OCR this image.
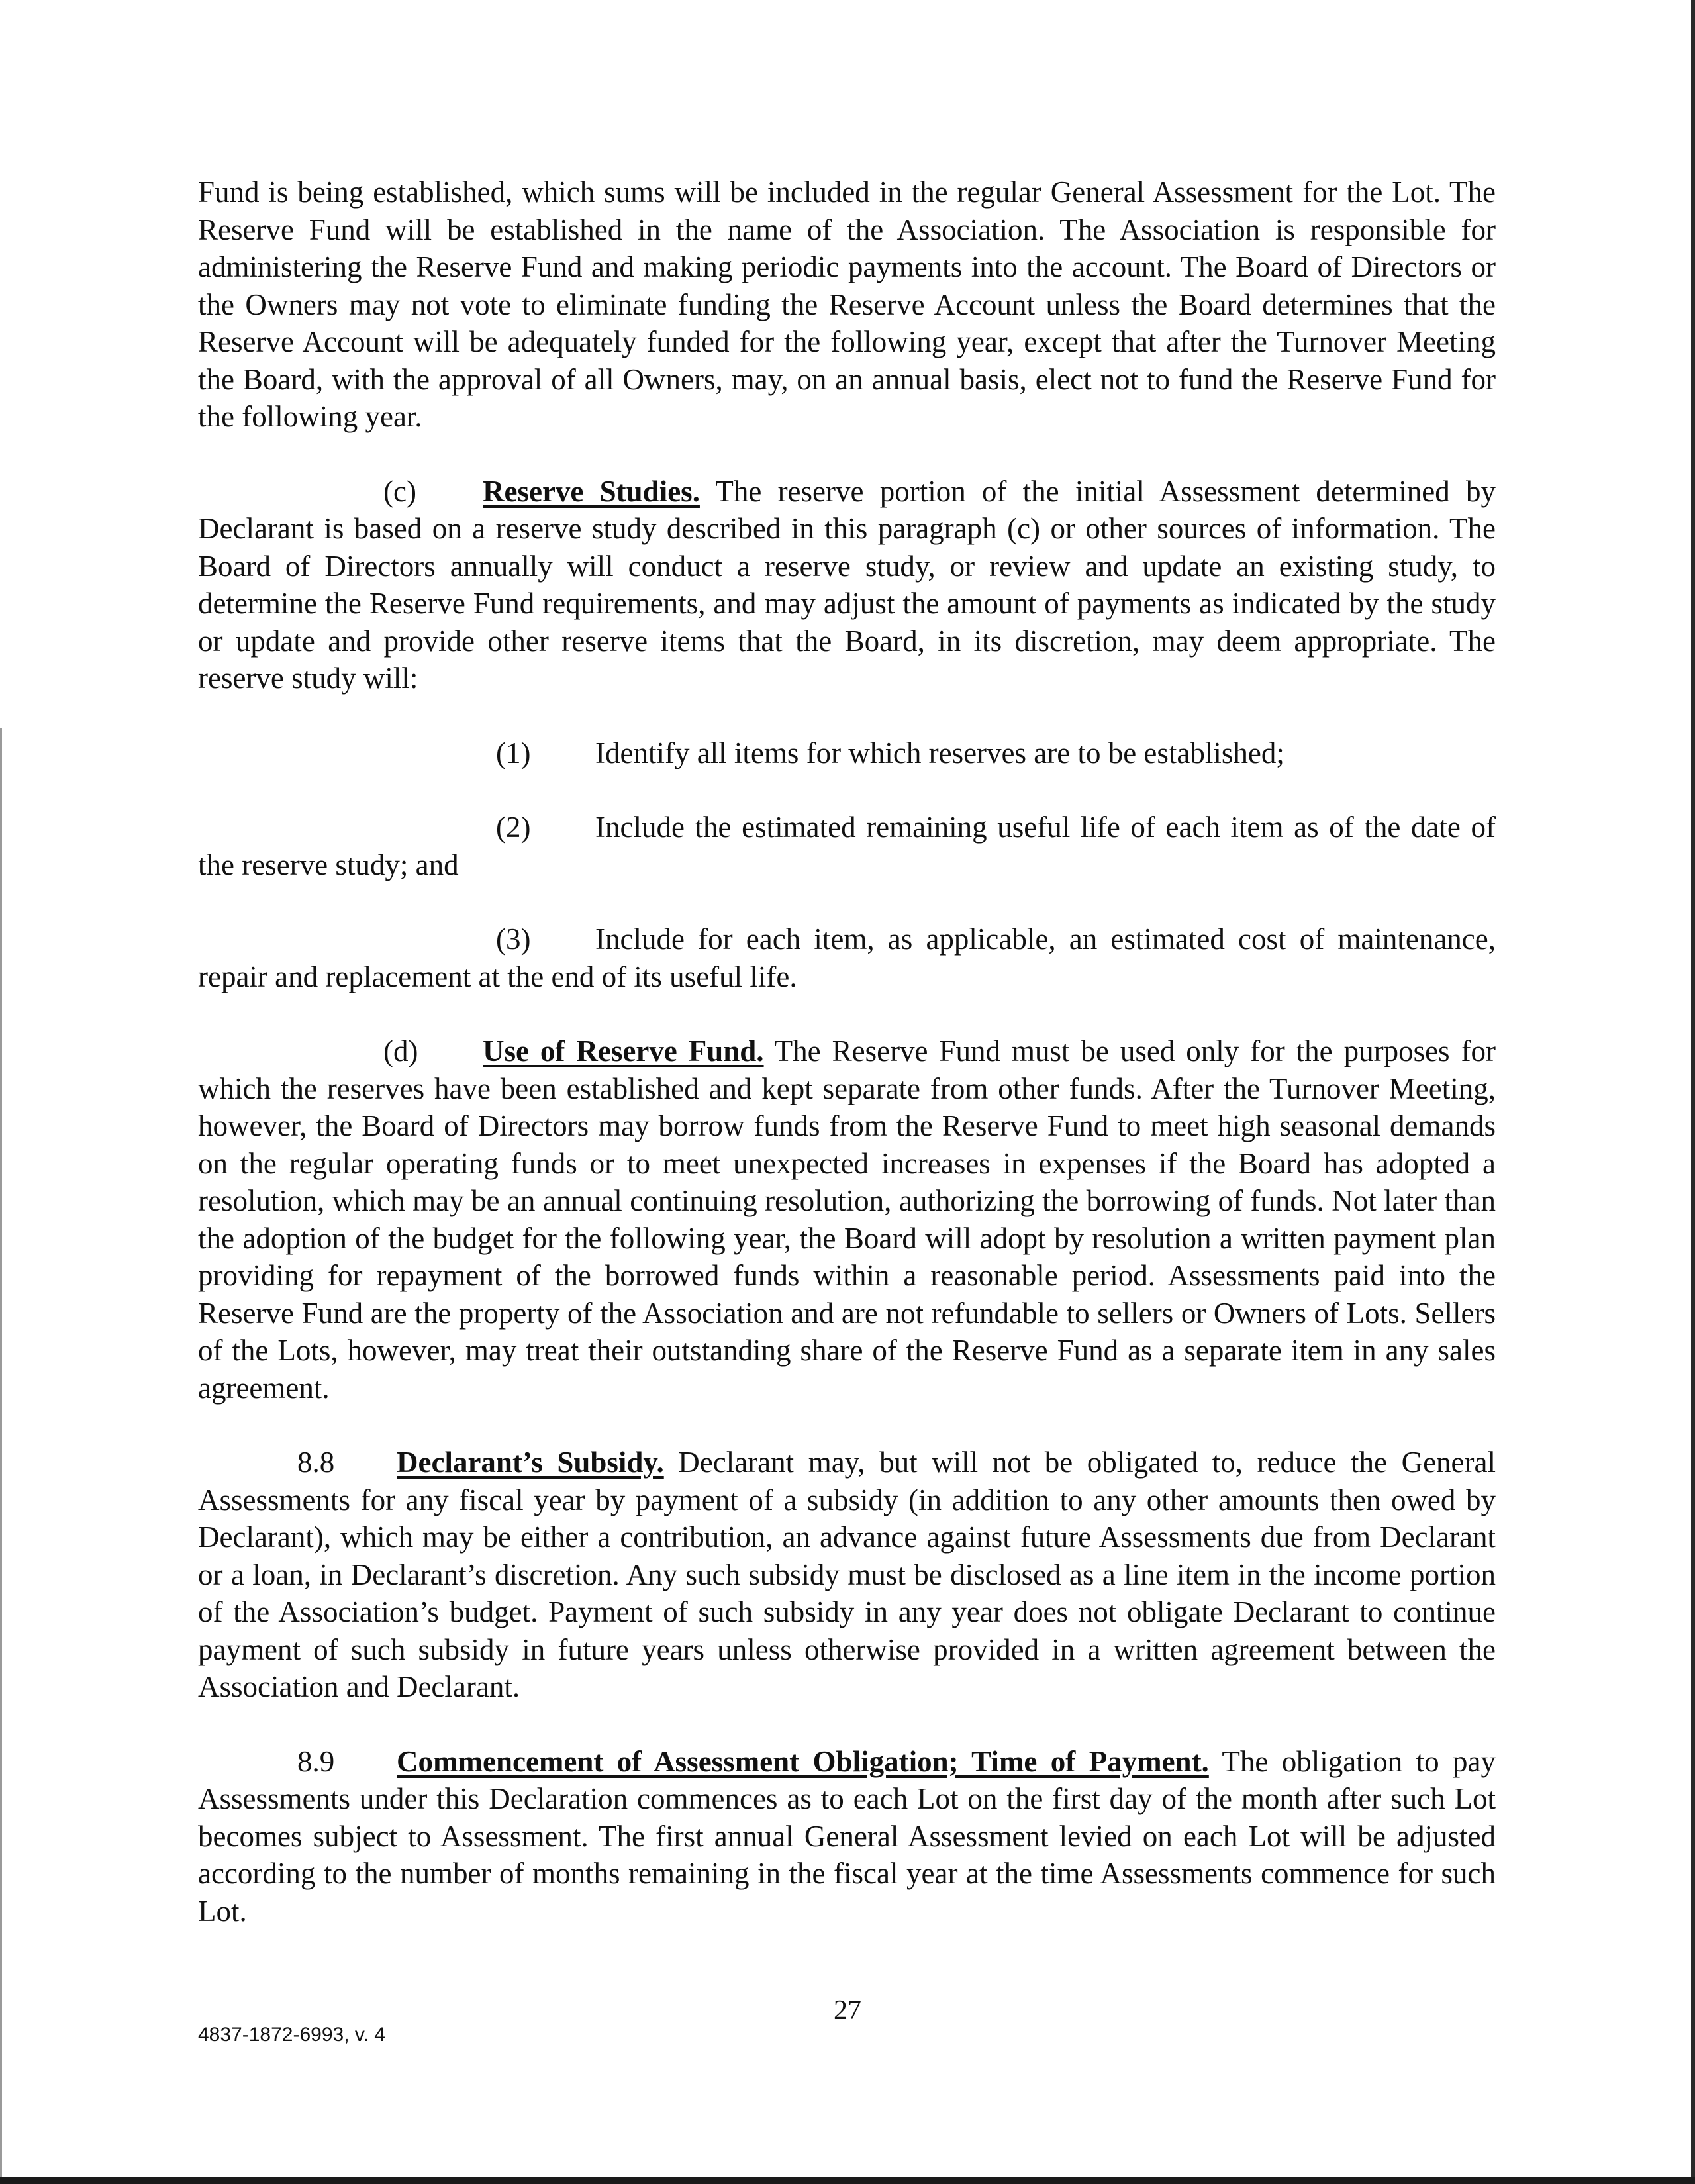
Fund is being established, which sums will be included in the regular General Assessment for the Lot. The Reserve Fund will be established in the name of the Association. The Association is responsible for administering the Reserve Fund and making periodic payments into the account. The Board of Directors or the Owners may not vote to eliminate funding the Reserve Account unless the Board determines that the Reserve Account will be adequately funded for the following year, except that after the Turnover Meeting the Board, with the approval of all Owners, may, on an annual basis, elect not to fund the Reserve Fund for the following year.

(c) Reserve Studies. The reserve portion of the initial Assessment determined by Declarant is based on a reserve study described in this paragraph (c) or other sources of information. The Board of Directors annually will conduct a reserve study, or review and update an existing study, to determine the Reserve Fund requirements, and may adjust the amount of payments as indicated by the study or update and provide other reserve items that the Board, in its discretion, may deem appropriate. The reserve study will:

(1) Identify all items for which reserves are to be established;

(2) Include the estimated remaining useful life of each item as of the date of the reserve study; and

(3) Include for each item, as applicable, an estimated cost of maintenance, repair and replacement at the end of its useful life.

(d) Use of Reserve Fund. The Reserve Fund must be used only for the purposes for which the reserves have been established and kept separate from other funds. After the Turnover Meeting, however, the Board of Directors may borrow funds from the Reserve Fund to meet high seasonal demands on the regular operating funds or to meet unexpected increases in expenses if the Board has adopted a resolution, which may be an annual continuing resolution, authorizing the borrowing of funds. Not later than the adoption of the budget for the following year, the Board will adopt by resolution a written payment plan providing for repayment of the borrowed funds within a reasonable period. Assessments paid into the Reserve Fund are the property of the Association and are not refundable to sellers or Owners of Lots. Sellers of the Lots, however, may treat their outstanding share of the Reserve Fund as a separate item in any sales agreement.

8.8 Declarant’s Subsidy. Declarant may, but will not be obligated to, reduce the General Assessments for any fiscal year by payment of a subsidy (in addition to any other amounts then owed by Declarant), which may be either a contribution, an advance against future Assessments due from Declarant or a loan, in Declarant’s discretion. Any such subsidy must be disclosed as a line item in the income portion of the Association’s budget. Payment of such subsidy in any year does not obligate Declarant to continue payment of such subsidy in future years unless otherwise provided in a written agreement between the Association and Declarant.

8.9 Commencement of Assessment Obligation; Time of Payment. The obligation to pay Assessments under this Declaration commences as to each Lot on the first day of the month after such Lot becomes subject to Assessment. The first annual General Assessment levied on each Lot will be adjusted according to the number of months remaining in the fiscal year at the time Assessments commence for such Lot.

27
4837-1872-6993, v. 4
